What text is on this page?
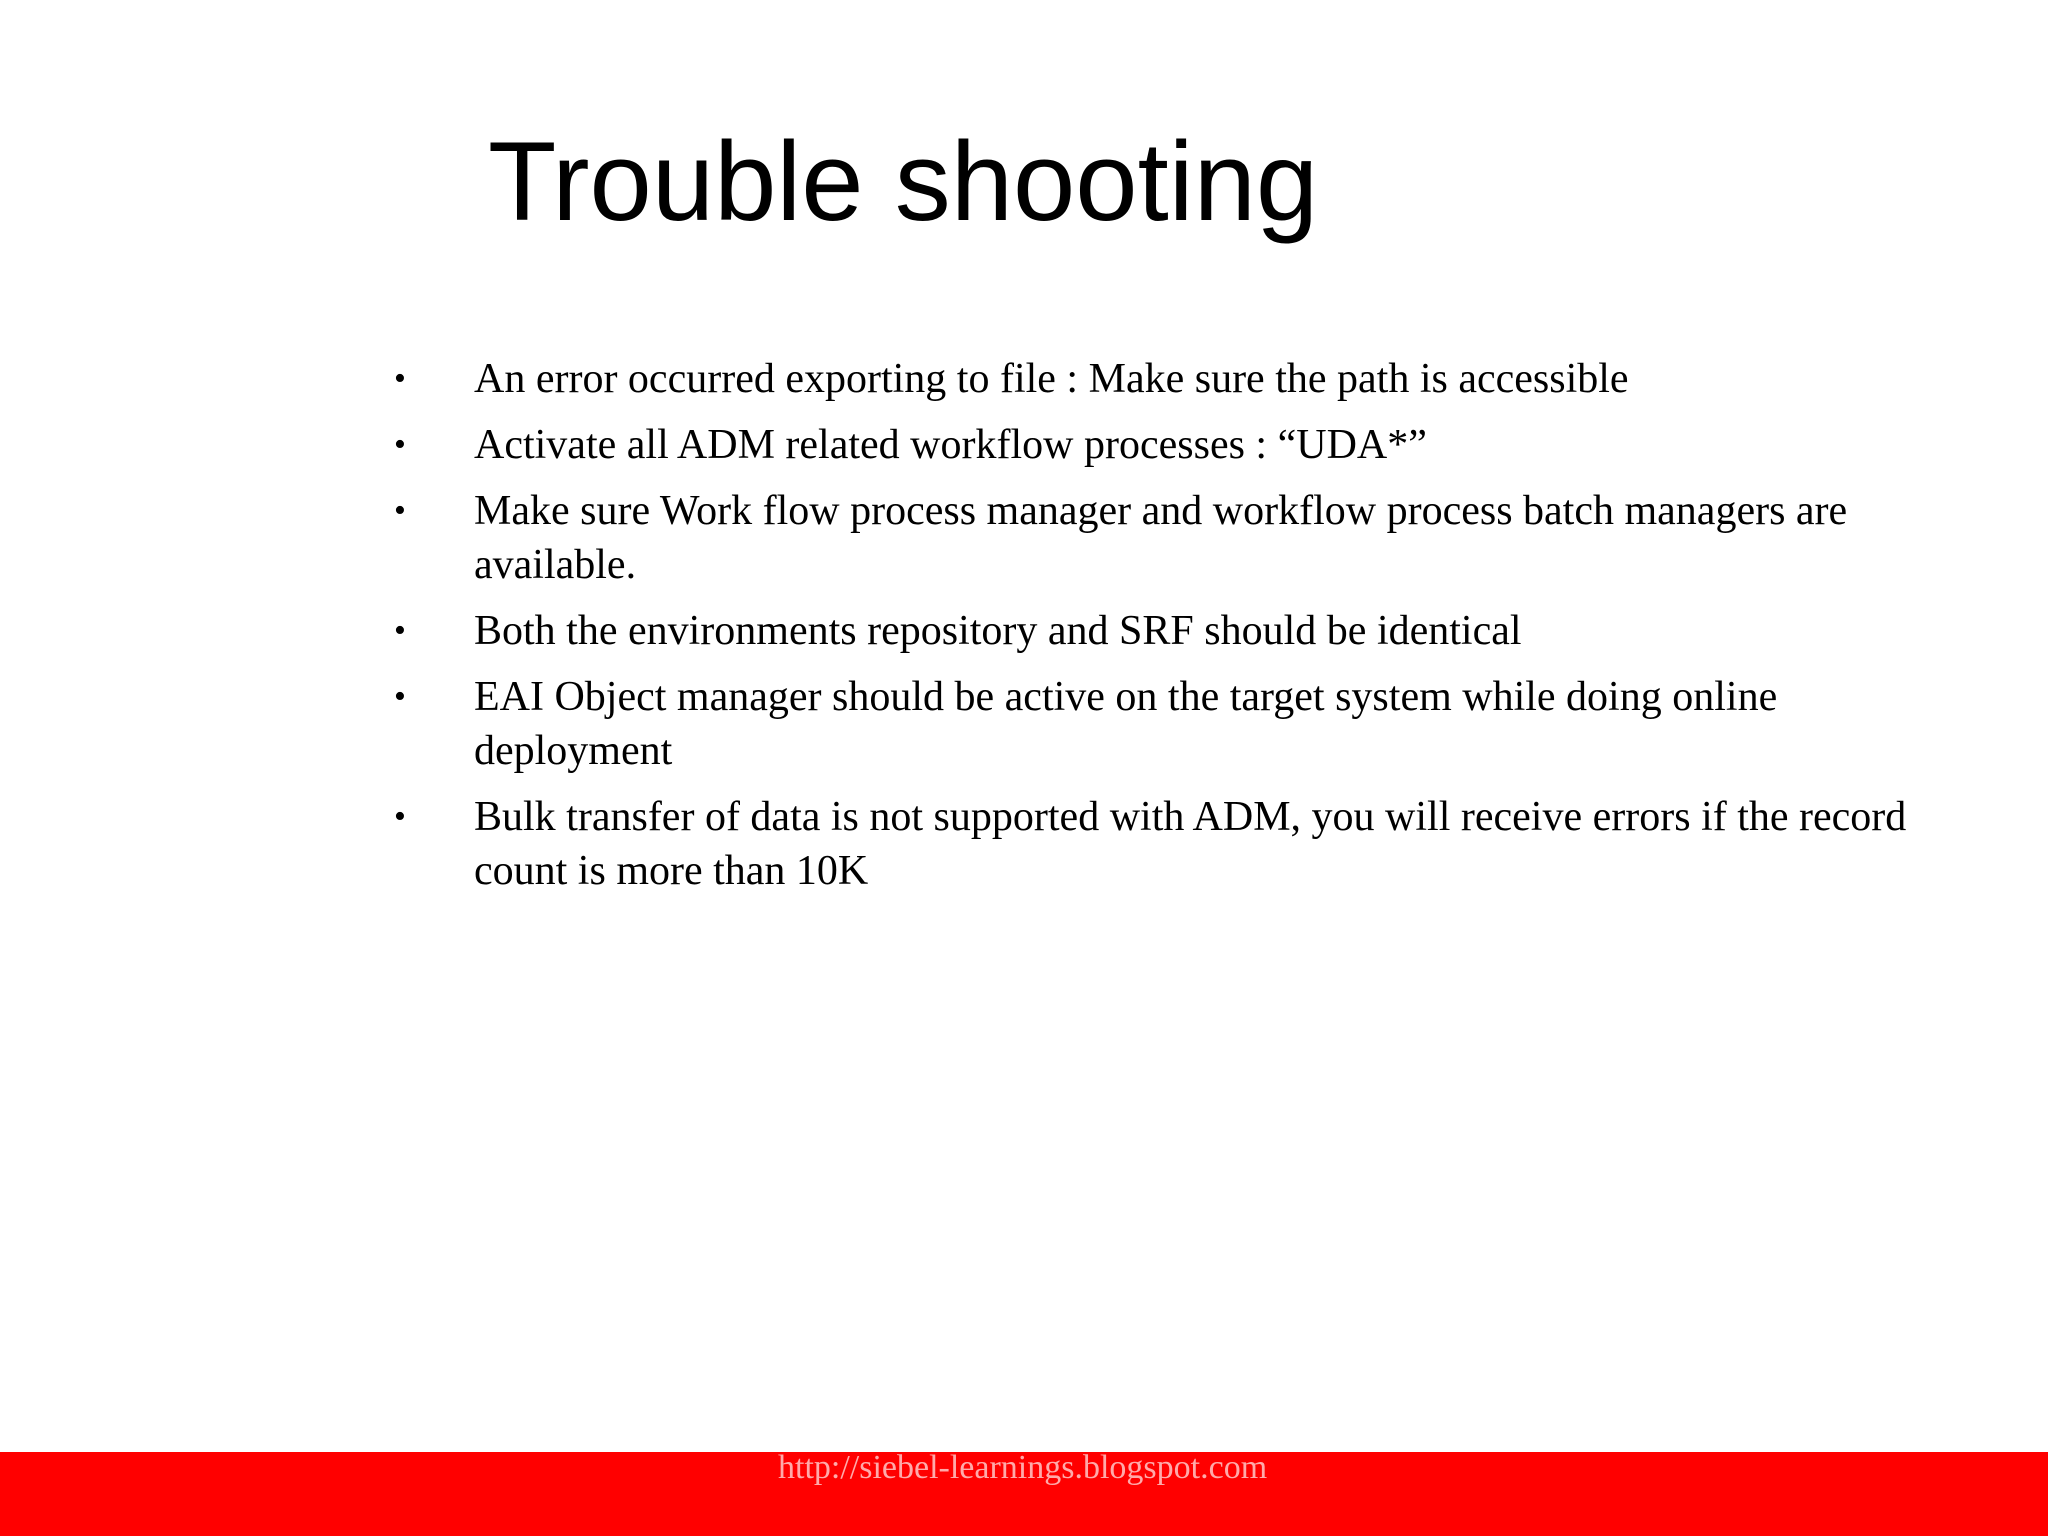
Trouble shooting
•	An error occurred exporting to file : Make sure the path is accessible
•	Activate all ADM related workflow processes : “UDA*”
•	Make sure Work flow process manager and workflow process batch managers are available.
•	Both the environments repository and SRF should be identical
•	EAI Object manager should be active on the target system while doing online deployment
•	Bulk transfer of data is not supported with ADM, you will receive errors if the record count is more than 10K
http://siebel-learnings.blogspot.com
